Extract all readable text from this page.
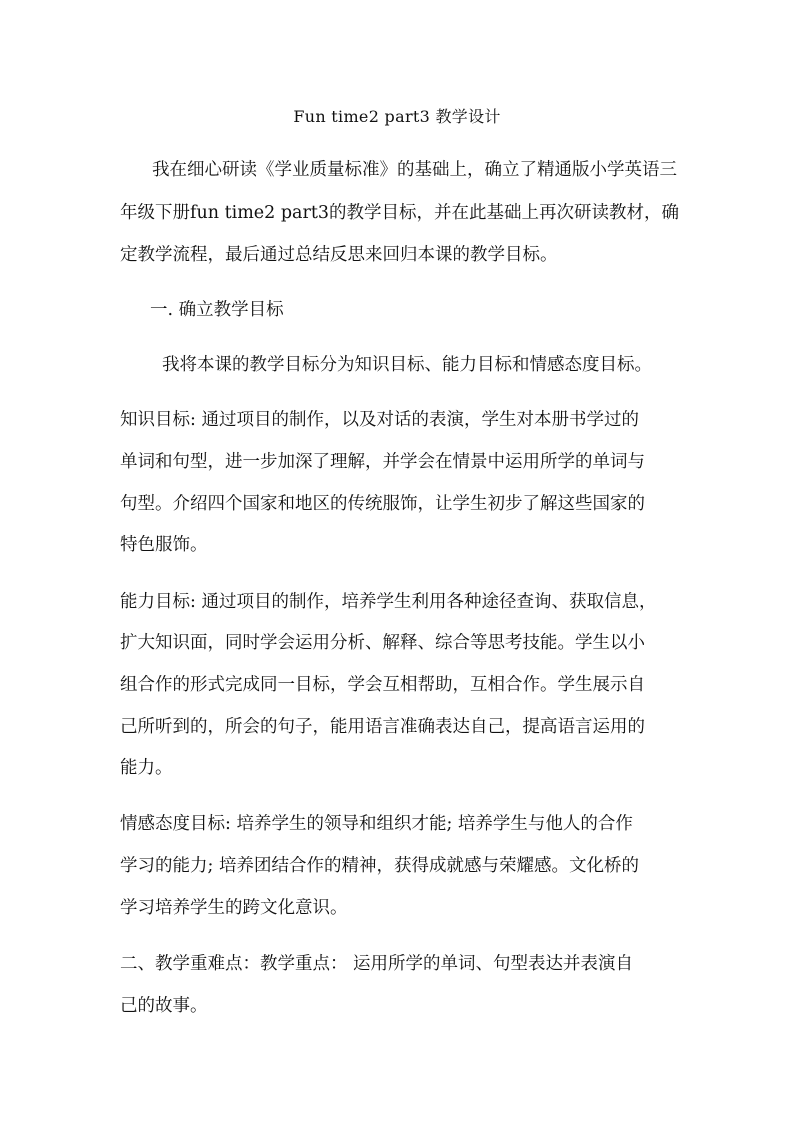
Fun time2 part3 教学设计
我在细心研读《学业质量标准》的基础上，确立了精通版小学英语三
年级下册fun time2 part3的教学目标，并在此基础上再次研读教材，确
定教学流程，最后通过总结反思来回归本课的教学目标。
一. 确立教学目标
我将本课的教学目标分为知识目标、能力目标和情感态度目标。
知识目标: 通过项目的制作，以及对话的表演，学生对本册书学过的
单词和句型，进一步加深了理解，并学会在情景中运用所学的单词与
句型。介绍四个国家和地区的传统服饰，让学生初步了解这些国家的
特色服饰。
能力目标: 通过项目的制作，培养学生利用各种途径查询、获取信息，
扩大知识面，同时学会运用分析、解释、综合等思考技能。学生以小
组合作的形式完成同一目标，学会互相帮助，互相合作。学生展示自
己所听到的，所会的句子，能用语言准确表达自己，提高语言运用的
能力。
情感态度目标: 培养学生的领导和组织才能; 培养学生与他人的合作
学习的能力; 培养团结合作的精神，获得成就感与荣耀感。文化桥的
学习培养学生的跨文化意识。
二、教学重难点：教学重点： 运用所学的单词、句型表达并表演自
己的故事。
